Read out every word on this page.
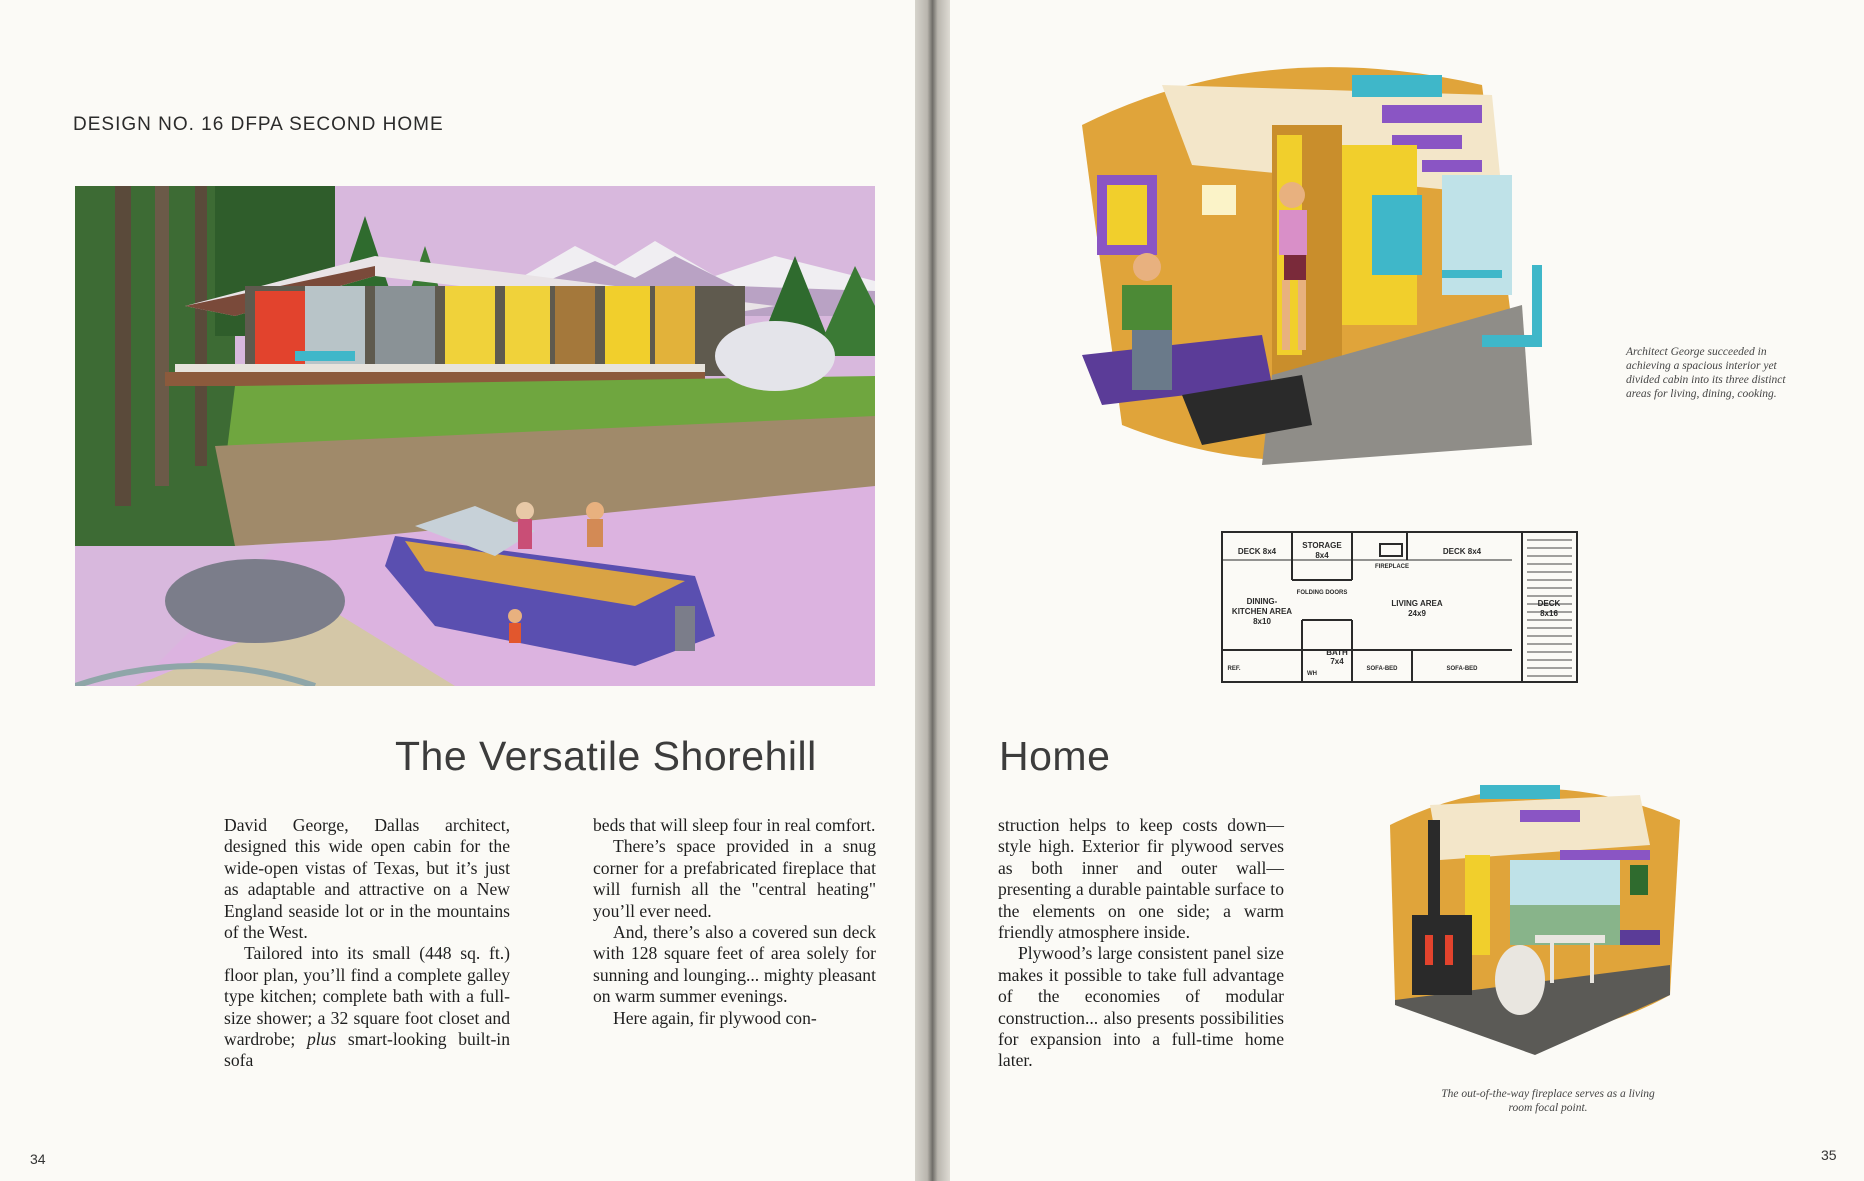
DESIGN NO. 16 DFPA SECOND HOME
The Versatile Shorehill

David George, Dallas architect, designed this wide open cabin for the wide-open vistas of Texas, but it’s just as adaptable and attractive on a New England seaside lot or in the mountains of the West.

Tailored into its small (448 sq. ft.) floor plan, you’ll find a complete galley type kitchen; complete bath with a full-size shower; a 32 square foot closet and wardrobe; plus smart-looking built-in sofa

beds that will sleep four in real comfort.

There’s space provided in a snug corner for a prefabricated fireplace that will furnish all the "central heating" you’ll ever need.

And, there’s also a covered sun deck with 128 square feet of area solely for sunning and lounging... mighty pleasant on warm summer evenings.

Here again, fir plywood con-

34
Architect George succeeded in achieving a spacious interior yet divided cabin into its three distinct areas for living, dining, cooking.
DECK 8x4
STORAGE
8x4
FIREPLACE
DECK 8x4
FOLDING DOORS
DINING-
KITCHEN AREA
8x10
LIVING AREA
24x9
DECK
8x16
BATH
7x4
SOFA-BED	SOFA-BED
REF.
WH
Home

struction helps to keep costs down—style high. Exterior fir plywood serves as both inner and outer wall—presenting a durable paintable surface to the elements on one side; a warm friendly atmosphere inside.

Plywood’s large consistent panel size makes it possible to take full advantage of the economies of modular construction... also presents possibilities for expansion into a full-time home later.

The out-of-the-way fireplace serves as a living room focal point.
35
